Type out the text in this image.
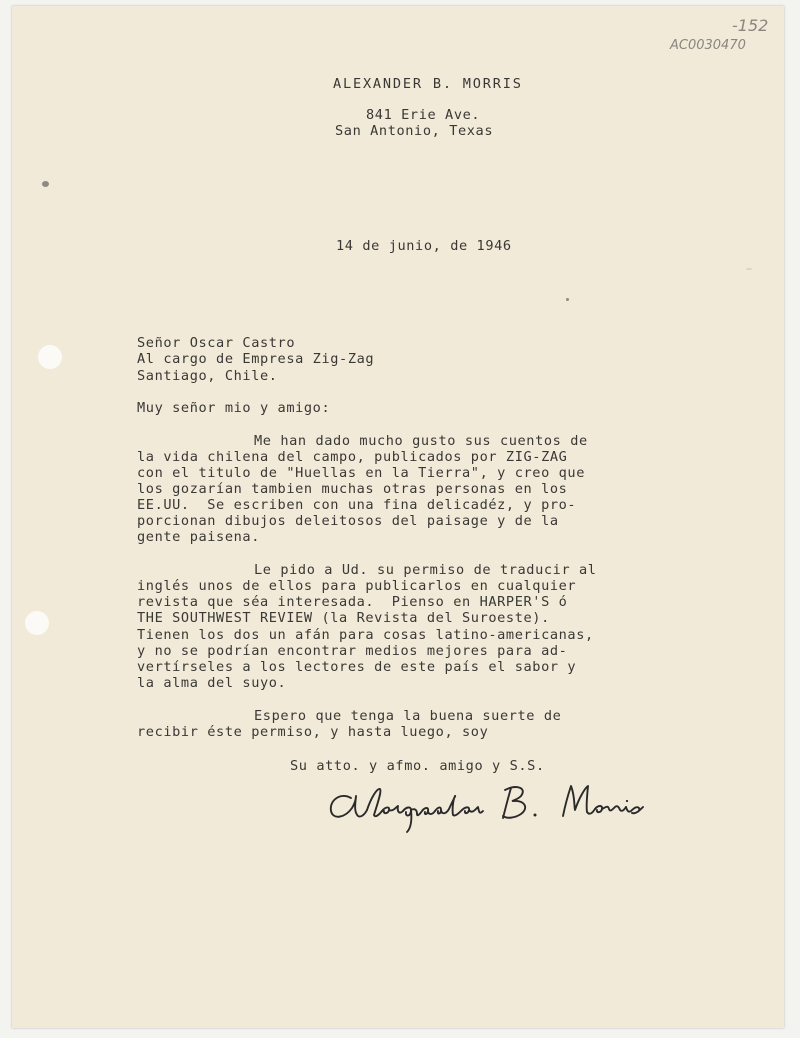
-152
AC0030470
ALEXANDER B. MORRIS
841 Erie Ave.
San Antonio, Texas
14 de junio, de 1946
Señor Oscar Castro
Al cargo de Empresa Zig-Zag
Santiago, Chile.
Muy señor mio y amigo:
Me han dado mucho gusto sus cuentos de
la vida chilena del campo, publicados por ZIG-ZAG
con el titulo de "Huellas en la Tierra", y creo que
los gozarían tambien muchas otras personas en los
EE.UU.  Se escriben con una fina delicadéz, y pro-
porcionan dibujos deleitosos del paisage y de la
gente paisena.
Le pido a Ud. su permiso de traducir al
inglés unos de ellos para publicarlos en cualquier
revista que séa interesada.  Pienso en HARPER'S ó
THE SOUTHWEST REVIEW (la Revista del Suroeste).
Tienen los dos un afán para cosas latino-americanas,
y no se podrían encontrar medios mejores para ad-
vertírseles a los lectores de este país el sabor y
la alma del suyo.
Espero que tenga la buena suerte de
recibir éste permiso, y hasta luego, soy
Su atto. y afmo. amigo y S.S.
